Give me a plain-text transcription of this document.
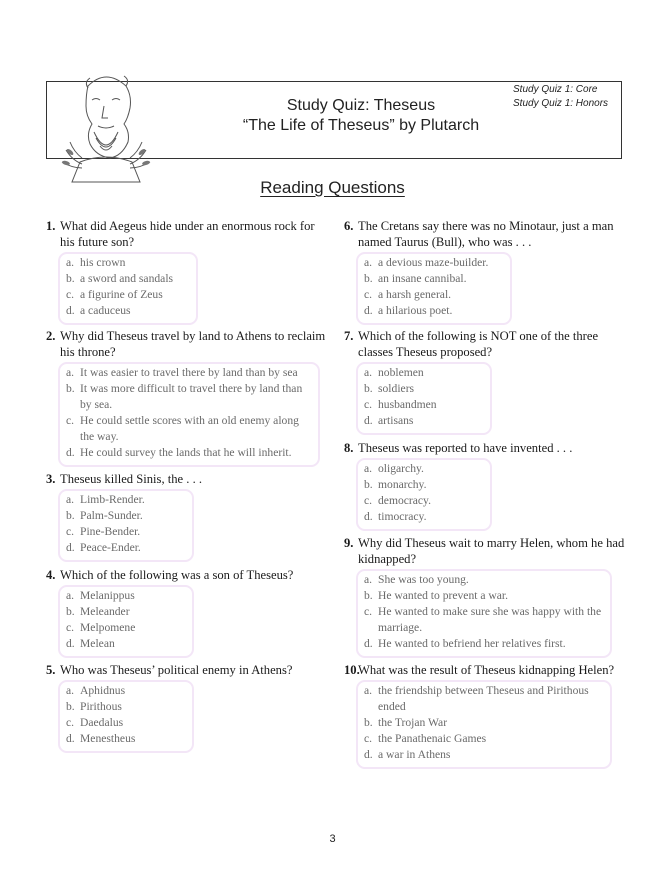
Study Quiz: Theseus
“The Life of Theseus” by Plutarch
Study Quiz 1: Core
Study Quiz 1: Honors
Reading Questions
1. What did Aegeus hide under an enormous rock for his future son?
a. his crown
b. a sword and sandals
c. a figurine of Zeus
d. a caduceus
2. Why did Theseus travel by land to Athens to reclaim his throne?
a. It was easier to travel there by land than by sea
b. It was more difficult to travel there by land than by sea.
c. He could settle scores with an old enemy along the way.
d. He could survey the lands that he will inherit.
3. Theseus killed Sinis, the . . .
a. Limb-Render.
b. Palm-Sunder.
c. Pine-Bender.
d. Peace-Ender.
4. Which of the following was a son of Theseus?
a. Melanippus
b. Meleander
c. Melpomene
d. Melean
5. Who was Theseus’ political enemy in Athens?
a. Aphidnus
b. Pirithous
c. Daedalus
d. Menestheus
6. The Cretans say there was no Minotaur, just a man named Taurus (Bull), who was . . .
a. a devious maze-builder.
b. an insane cannibal.
c. a harsh general.
d. a hilarious poet.
7. Which of the following is NOT one of the three classes Theseus proposed?
a. noblemen
b. soldiers
c. husbandmen
d. artisans
8. Theseus was reported to have invented . . .
a. oligarchy.
b. monarchy.
c. democracy.
d. timocracy.
9. Why did Theseus wait to marry Helen, whom he had kidnapped?
a. She was too young.
b. He wanted to prevent a war.
c. He wanted to make sure she was happy with the marriage.
d. He wanted to befriend her relatives first.
10.
What was the result of Theseus kidnapping Helen?
a. the friendship between Theseus and Pirithous ended
b. the Trojan War
c. the Panathenaic Games
d. a war in Athens
3
